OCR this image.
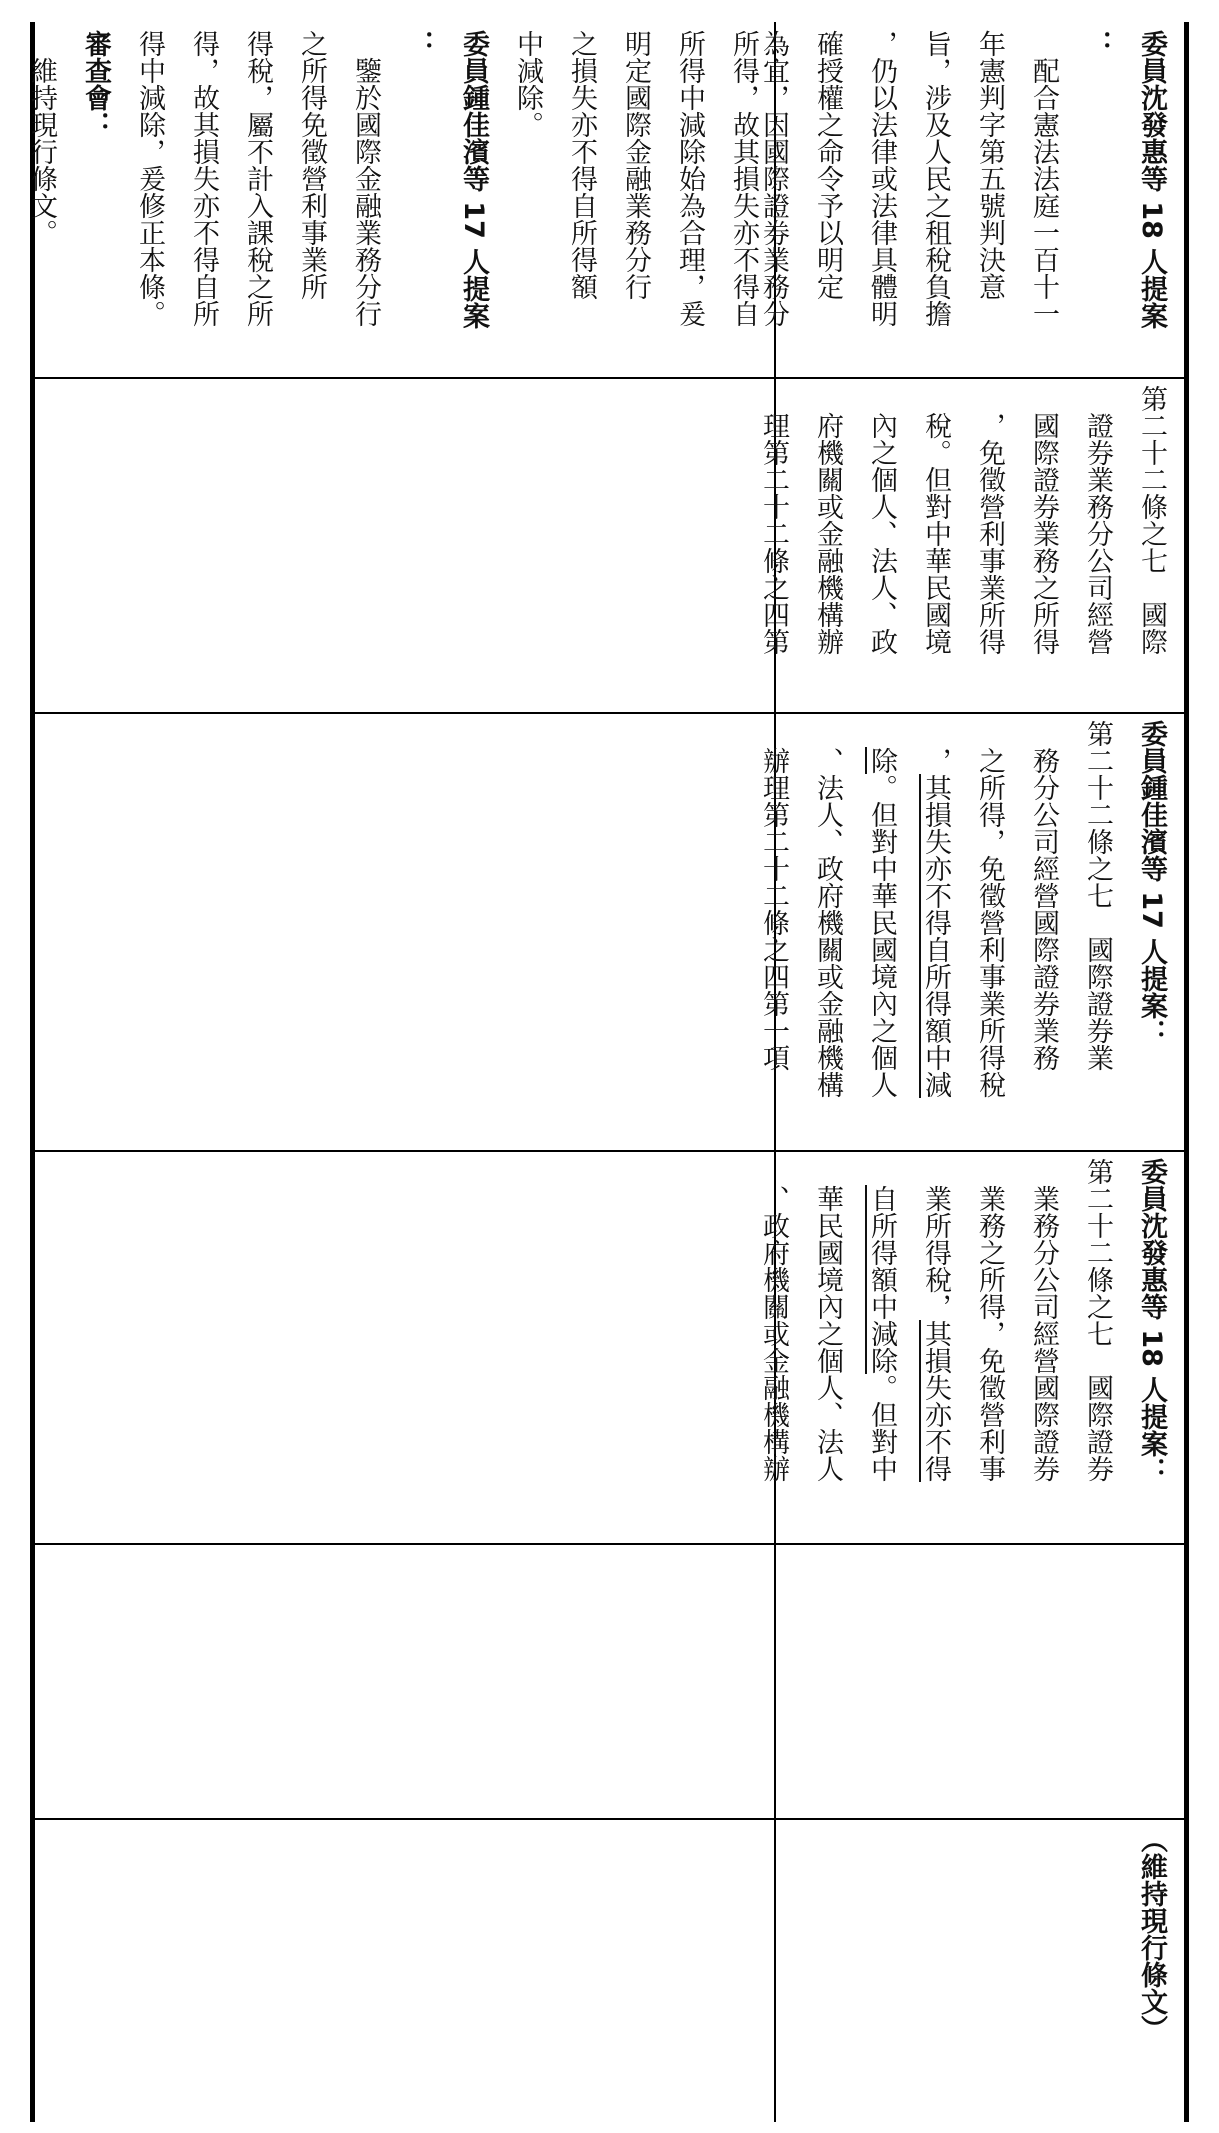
所得，故其損失亦不得自
所得中減除始為合理，爰
明定國際金融業務分行
之損失亦不得自所得額
中減除。
委員鍾佳濱等 17 人提案
：
鑒於國際金融業務分行
之所得免徵營利事業所
得稅，屬不計入課稅之所
得，故其損失亦不得自所
得中減除，爰修正本條。
審查會：
維持現行條文。	委員沈發惠等 18 人提案
：
配合憲法法庭一百十一
年憲判字第五號判決意
旨，涉及人民之租稅負擔
，仍以法律或法律具體明
確授權之命令予以明定
為宜，因國際證券業務分
第二十二條之七　國際
證券業務分公司經營
國際證券業務之所得
，免徵營利事業所得
稅。但對中華民國境
內之個人、法人、政
府機關或金融機構辦
理第二十二條之四第
委員鍾佳濱等 17 人提案：
第二十二條之七　國際證券業
務分公司經營國際證券業務
之所得，免徵營利事業所得稅
，其損失亦不得自所得額中減
除。但對中華民國境內之個人
、法人、政府機關或金融機構
辦理第二十二條之四第一項
委員沈發惠等 18 人提案：
第二十二條之七　國際證券
業務分公司經營國際證券
業務之所得，免徵營利事
業所得稅，其損失亦不得
自所得額中減除。但對中
華民國境內之個人、法人
、政府機關或金融機構辦
（維持現行條文）
